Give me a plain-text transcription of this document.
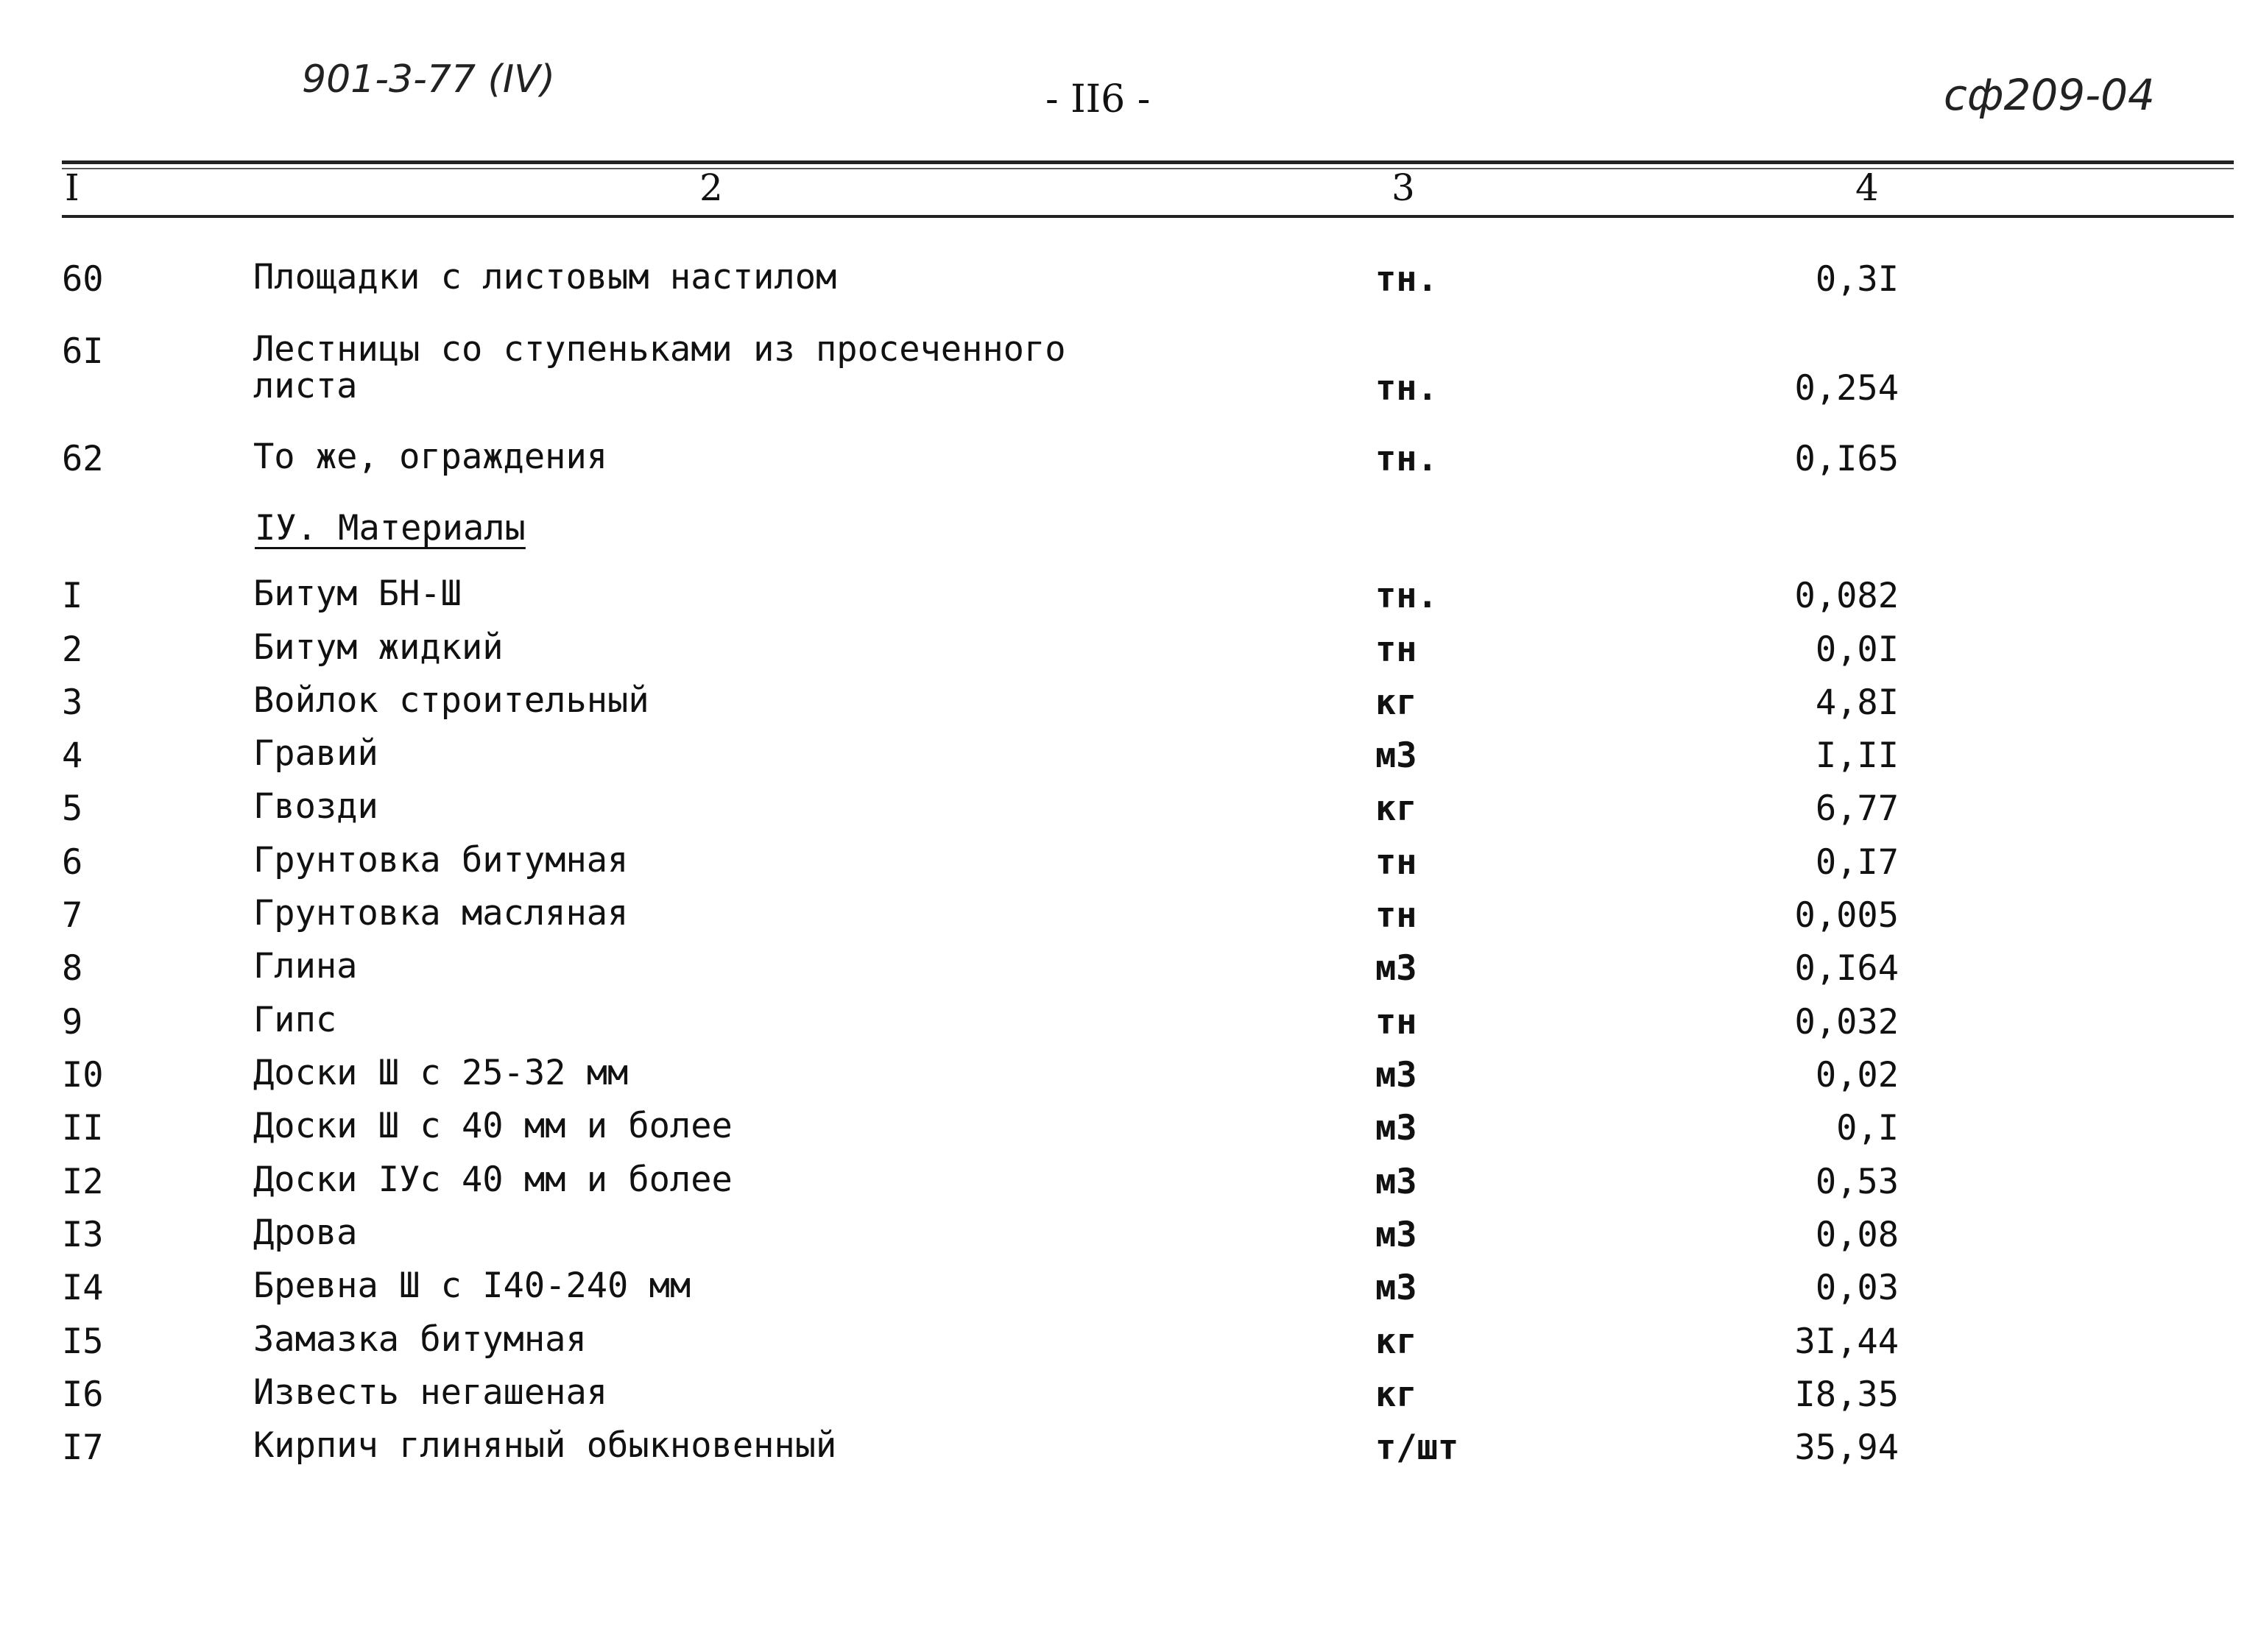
901-3-77 (IV)	- II6 -	сф209-04
I	2	3	4
60	Площадки с листовым настилом	тн.	0,3I
6I	Лестницы со ступеньками из просеченного листа	тн.	0,254
62	То же, ограждения	тн.	0,I65
IУ. Материалы
I	Битум БН-Ш	тн.	0,082
2	Битум жидкий	тн	0,0I
3	Войлок строительный	кг	4,8I
4	Гравий	м3	I,II
5	Гвозди	кг	6,77
6	Грунтовка битумная	тн	0,I7
7	Грунтовка масляная	тн	0,005
8	Глина	м3	0,I64
9	Гипс	тн	0,032
I0	Доски Ш с 25-32 мм	м3	0,02
II	Доски Ш с 40 мм и более	м3	0,I
I2	Доски IУс 40 мм и более	м3	0,53
I3	Дрова	м3	0,08
I4	Бревна Ш с I40-240 мм	м3	0,03
I5	Замазка битумная	кг	3I,44
I6	Известь негашеная	кг	I8,35
I7	Кирпич глиняный обыкновенный	т/шт	35,94
